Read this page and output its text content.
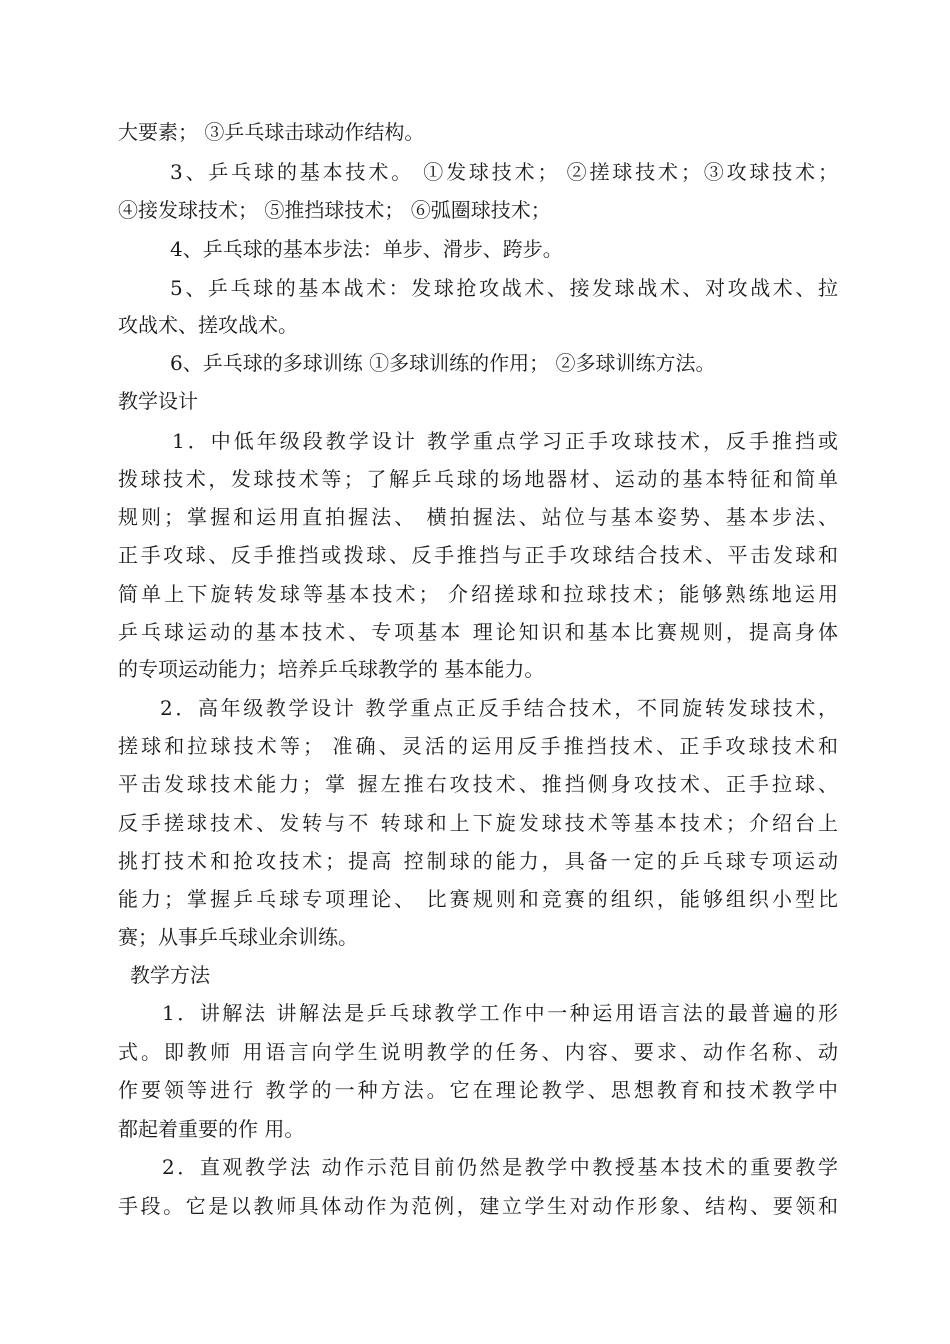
大要素； ③乒乓球击球动作结构。
3、乒乓球的基本技术。 ①发球技术； ②搓球技术；③攻球技术；
④接发球技术； ⑤推挡球技术； ⑥弧圈球技术；
4、乒乓球的基本步法：单步、滑步、跨步。
5、乒乓球的基本战术：发球抢攻战术、接发球战术、对攻战术、拉
攻战术、搓攻战术。
6、乒乓球的多球训练 ①多球训练的作用； ②多球训练方法。
教学设计
1．中低年级段教学设计 教学重点学习正手攻球技术，反手推挡或
拨球技术，发球技术等；了解乒乓球的场地器材、运动的基本特征和简单
规则；掌握和运用直拍握法、 横拍握法、站位与基本姿势、基本步法、
正手攻球、反手推挡或拨球、反手推挡与正手攻球结合技术、平击发球和
简单上下旋转发球等基本技术； 介绍搓球和拉球技术；能够熟练地运用
乒乓球运动的基本技术、专项基本 理论知识和基本比赛规则，提高身体
的专项运动能力；培养乒乓球教学的 基本能力。
2．高年级教学设计 教学重点正反手结合技术，不同旋转发球技术，
搓球和拉球技术等； 准确、灵活的运用反手推挡技术、正手攻球技术和
平击发球技术能力；掌 握左推右攻技术、推挡侧身攻技术、正手拉球、
反手搓球技术、发转与不 转球和上下旋发球技术等基本技术；介绍台上
挑打技术和抢攻技术；提高 控制球的能力，具备一定的乒乓球专项运动
能力；掌握乒乓球专项理论、 比赛规则和竞赛的组织，能够组织小型比
赛；从事乒乓球业余训练。
教学方法
1．讲解法 讲解法是乒乓球教学工作中一种运用语言法的最普遍的形
式。即教师 用语言向学生说明教学的任务、内容、要求、动作名称、动
作要领等进行 教学的一种方法。它在理论教学、思想教育和技术教学中
都起着重要的作 用。
2．直观教学法 动作示范目前仍然是教学中教授基本技术的重要教学
手段。它是以教师具体动作为范例，建立学生对动作形象、结构、要领和
